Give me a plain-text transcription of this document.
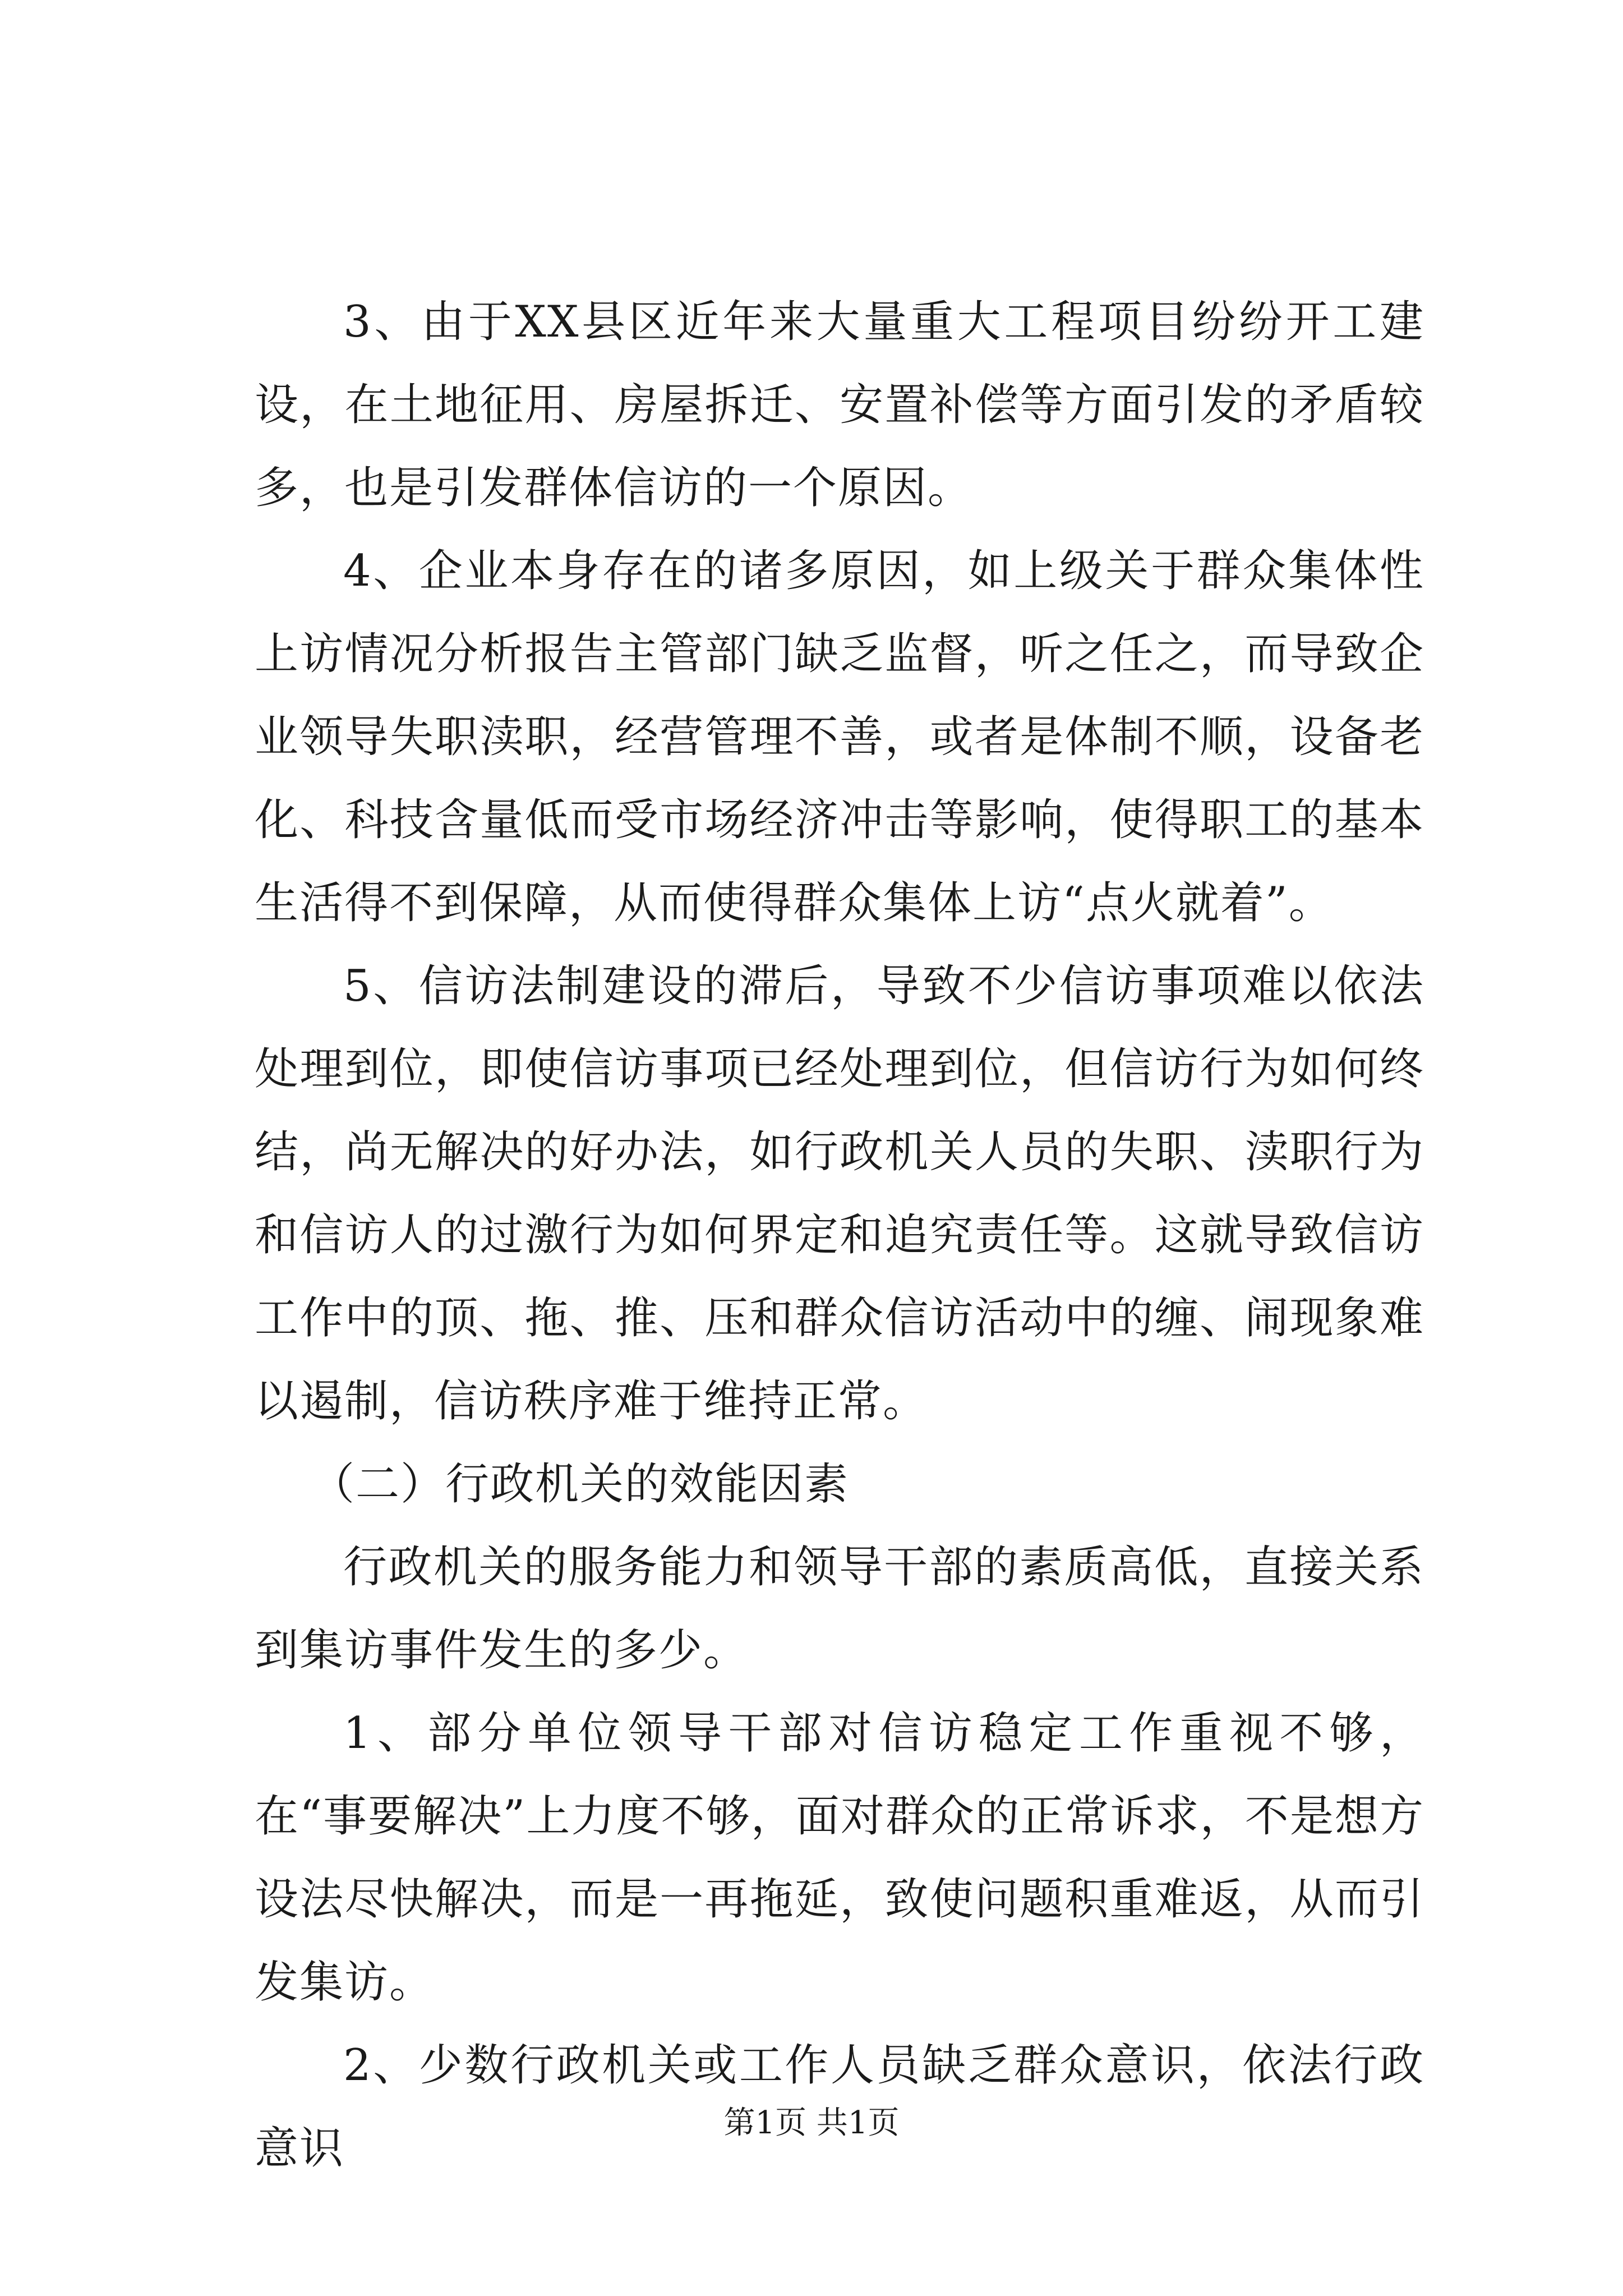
3、由于XX县区近年来大量重大工程项目纷纷开工建设，在土地征用、房屋拆迁、安置补偿等方面引发的矛盾较多，也是引发群体信访的一个原因。

4、企业本身存在的诸多原因，如上级关于群众集体性上访情况分析报告主管部门缺乏监督，听之任之，而导致企业领导失职渎职，经营管理不善，或者是体制不顺，设备老化、科技含量低而受市场经济冲击等影响，使得职工的基本生活得不到保障，从而使得群众集体上访“点火就着”。

5、信访法制建设的滞后，导致不少信访事项难以依法处理到位，即使信访事项已经处理到位，但信访行为如何终结，尚无解决的好办法，如行政机关人员的失职、渎职行为和信访人的过激行为如何界定和追究责任等。这就导致信访工作中的顶、拖、推、压和群众信访活动中的缠、闹现象难以遏制，信访秩序难于维持正常。

（二）行政机关的效能因素

行政机关的服务能力和领导干部的素质高低，直接关系到集访事件发生的多少。

1、部分单位领导干部对信访稳定工作重视不够，在“事要解决”上力度不够，面对群众的正常诉求，不是想方设法尽快解决，而是一再拖延，致使问题积重难返，从而引发集访。

2、少数行政机关或工作人员缺乏群众意识，依法行政意识

第1页 共1页
